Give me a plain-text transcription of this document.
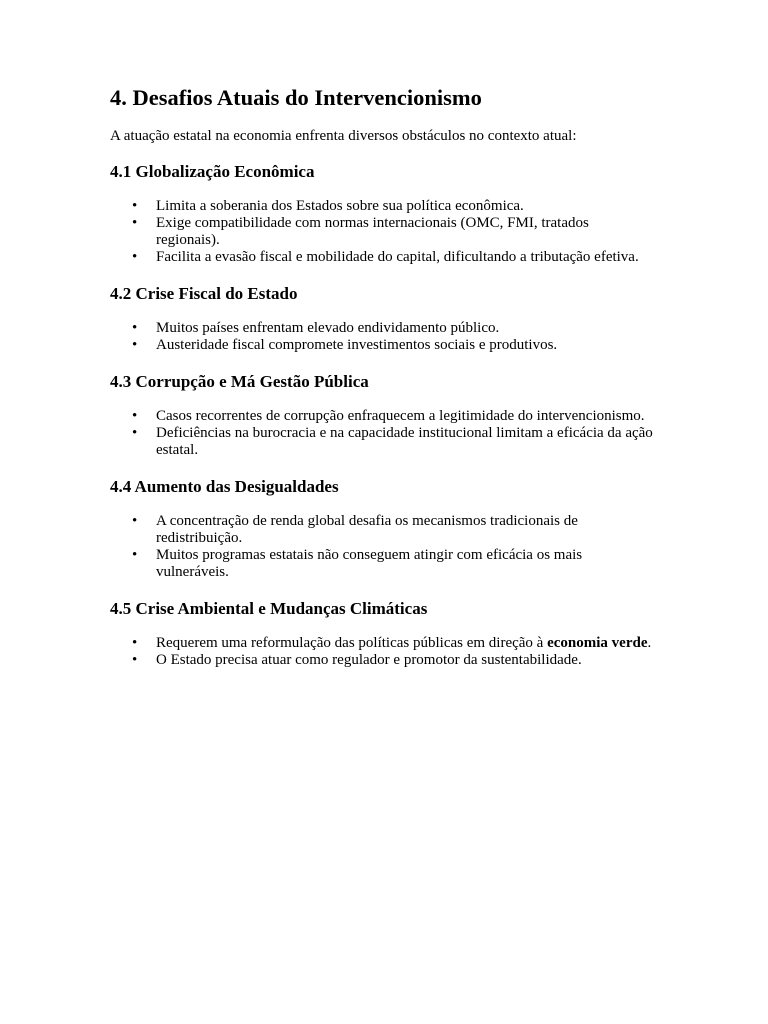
4. Desafios Atuais do Intervencionismo

A atuação estatal na economia enfrenta diversos obstáculos no contexto atual:

4.1 Globalização Econômica
• Limita a soberania dos Estados sobre sua política econômica.
• Exige compatibilidade com normas internacionais (OMC, FMI, tratados regionais).
• Facilita a evasão fiscal e mobilidade do capital, dificultando a tributação efetiva.
4.2 Crise Fiscal do Estado
• Muitos países enfrentam elevado endividamento público.
• Austeridade fiscal compromete investimentos sociais e produtivos.
4.3 Corrupção e Má Gestão Pública
• Casos recorrentes de corrupção enfraquecem a legitimidade do intervencionismo.
• Deficiências na burocracia e na capacidade institucional limitam a eficácia da ação estatal.
4.4 Aumento das Desigualdades
• A concentração de renda global desafia os mecanismos tradicionais de redistribuição.
• Muitos programas estatais não conseguem atingir com eficácia os mais vulneráveis.
4.5 Crise Ambiental e Mudanças Climáticas
• Requerem uma reformulação das políticas públicas em direção à economia verde.
• O Estado precisa atuar como regulador e promotor da sustentabilidade.
